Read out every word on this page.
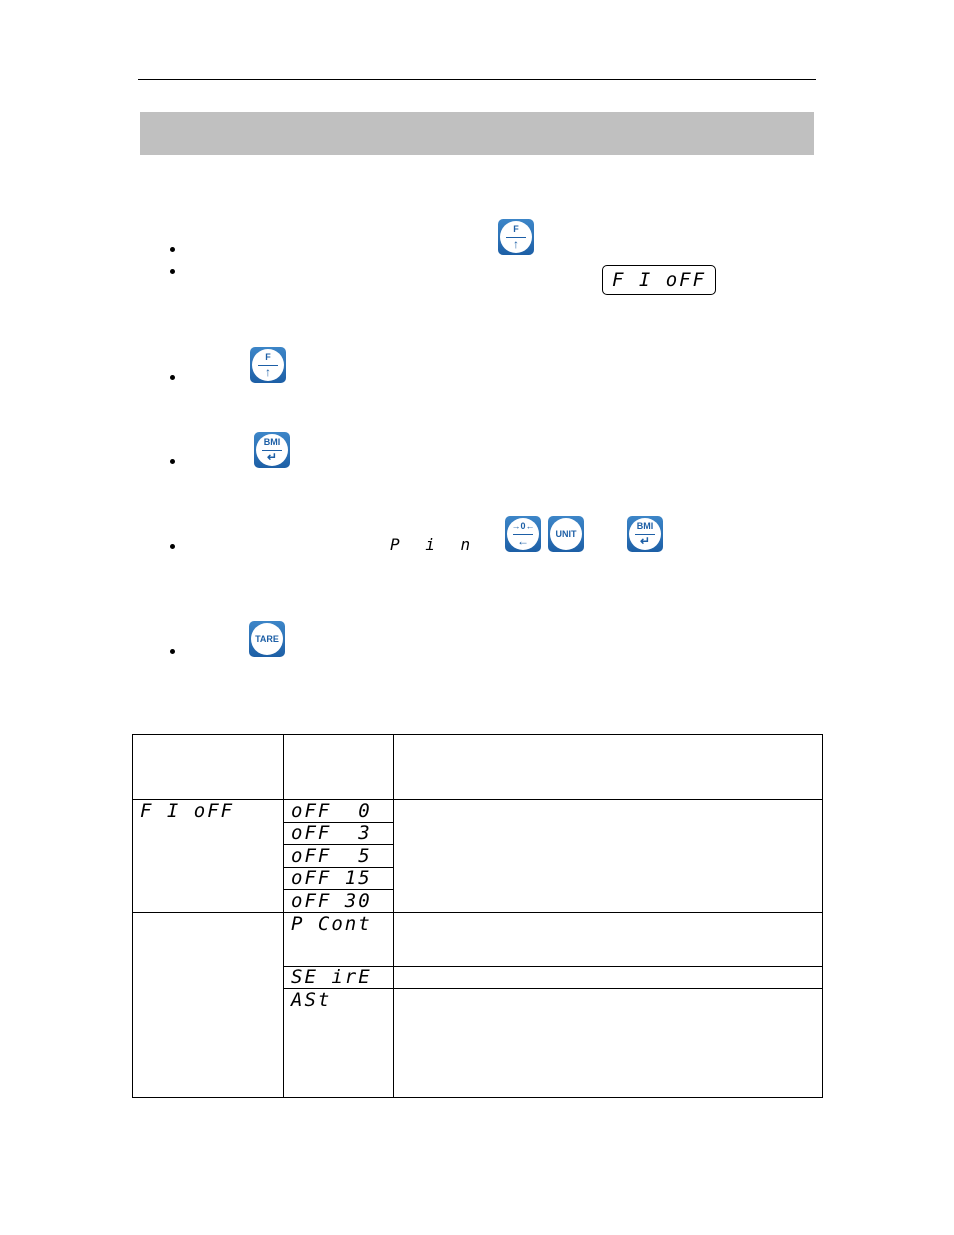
F
↑
F I oFF
F
↑
BMI
↵
P i n
→0←
←	UNIT
BMI
↵
TARE
F I oFF	oFF  0
oFF  3
oFF  5
oFF 15
oFF 30
P Cont
SE irE
ASt
